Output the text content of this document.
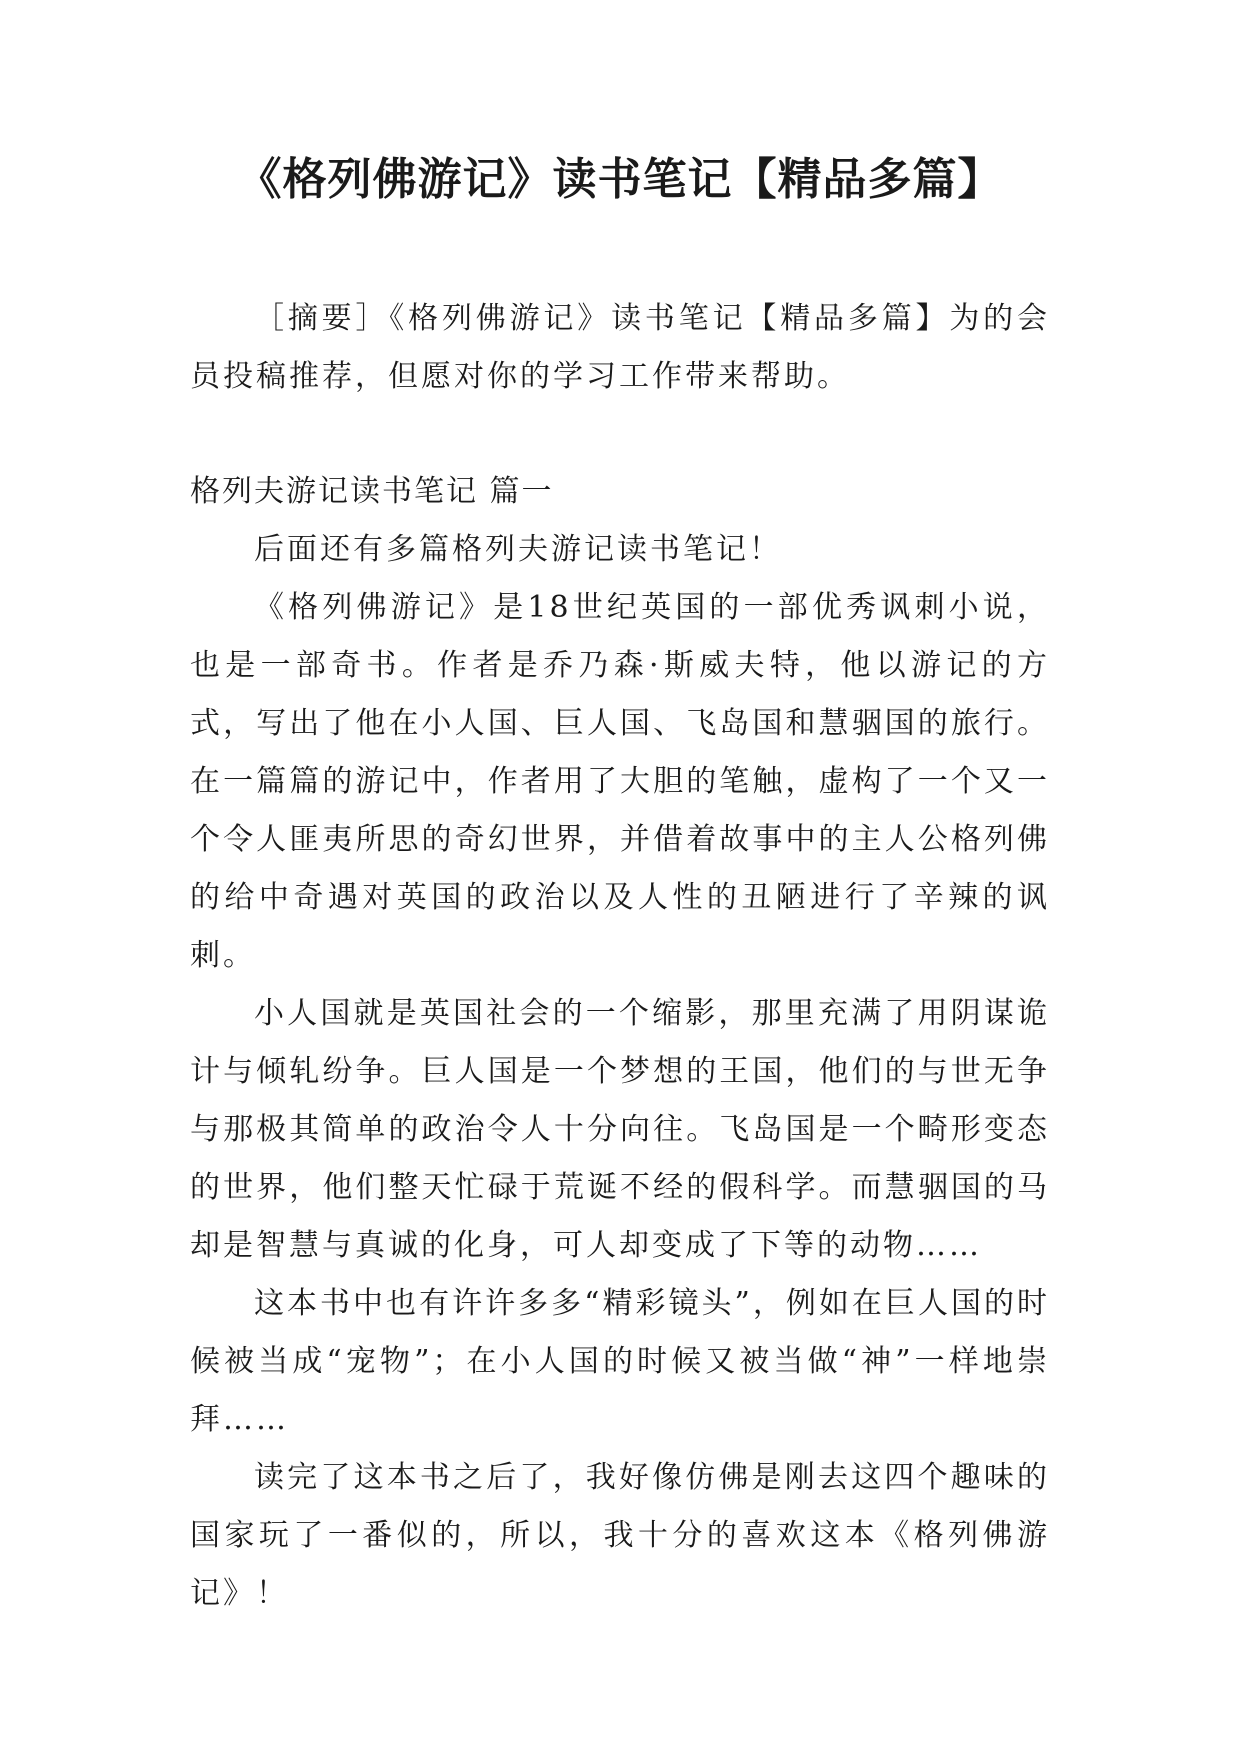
《格列佛游记》读书笔记【精品多篇】

［摘要］《格列佛游记》读书笔记【精品多篇】为的会员投稿推荐，但愿对你的学习工作带来帮助。

格列夫游记读书笔记 篇一

后面还有多篇格列夫游记读书笔记！

《格列佛游记》是18世纪英国的一部优秀讽刺小说，也是一部奇书。作者是乔乃森·斯威夫特，他以游记的方式，写出了他在小人国、巨人国、飞岛国和慧骃国的旅行。在一篇篇的游记中，作者用了大胆的笔触，虚构了一个又一个令人匪夷所思的奇幻世界，并借着故事中的主人公格列佛的给中奇遇对英国的政治以及人性的丑陋进行了辛辣的讽刺。

小人国就是英国社会的一个缩影，那里充满了用阴谋诡计与倾轧纷争。巨人国是一个梦想的王国，他们的与世无争与那极其简单的政治令人十分向往。飞岛国是一个畸形变态的世界，他们整天忙碌于荒诞不经的假科学。而慧骃国的马却是智慧与真诚的化身，可人却变成了下等的动物……

这本书中也有许许多多“精彩镜头”，例如在巨人国的时候被当成“宠物”；在小人国的时候又被当做“神”一样地崇拜……

读完了这本书之后了，我好像仿佛是刚去这四个趣味的国家玩了一番似的，所以，我十分的喜欢这本《格列佛游记》！
